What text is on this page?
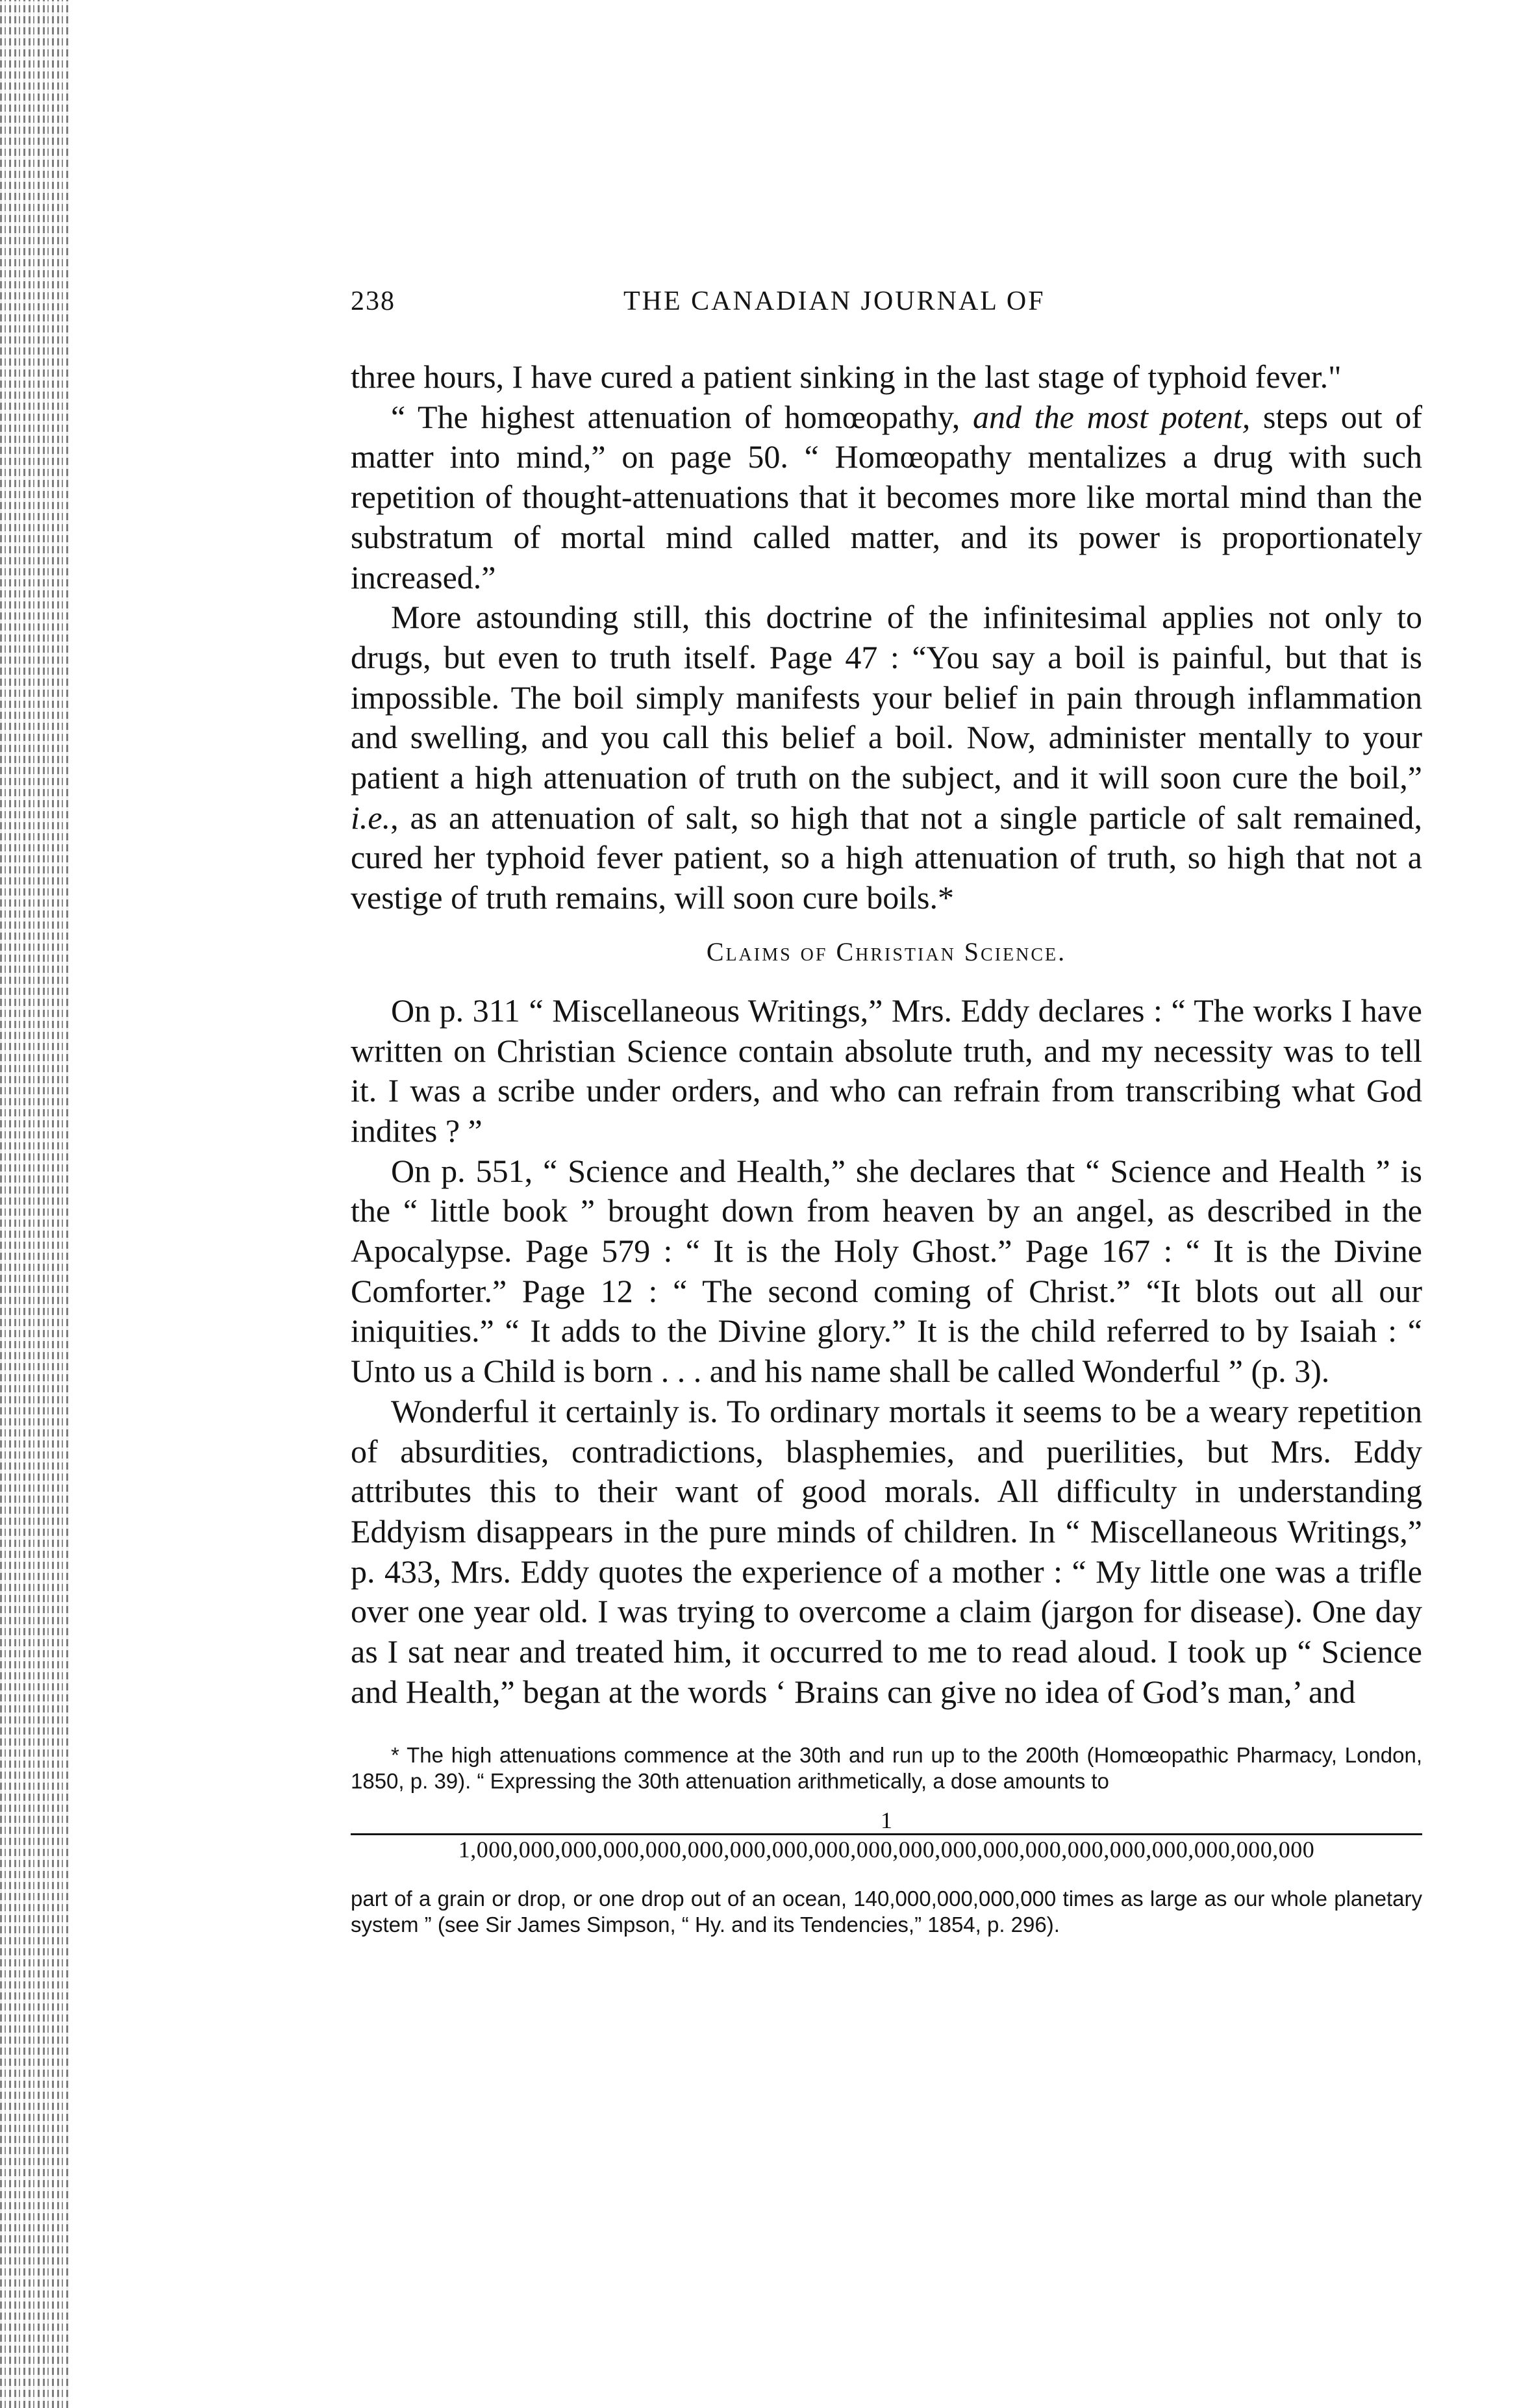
238	THE CANADIAN JOURNAL OF

three hours, I have cured a patient sinking in the last stage of typhoid fever."

“ The highest attenuation of homœopathy, and the most potent, steps out of matter into mind,” on page 50. “ Homœopathy mentalizes a drug with such repetition of thought-attenuations that it becomes more like mortal mind than the substratum of mortal mind called matter, and its power is proportionately increased.”

More astounding still, this doctrine of the infinitesimal applies not only to drugs, but even to truth itself. Page 47 : “You say a boil is painful, but that is impossible. The boil simply manifests your belief in pain through inflammation and swelling, and you call this belief a boil. Now, administer mentally to your patient a high attenuation of truth on the subject, and it will soon cure the boil,” i.e., as an attenuation of salt, so high that not a single particle of salt remained, cured her typhoid fever patient, so a high attenuation of truth, so high that not a vestige of truth remains, will soon cure boils.*

Claims of Christian Science.

On p. 311 “ Miscellaneous Writings,” Mrs. Eddy declares : “ The works I have written on Christian Science contain absolute truth, and my necessity was to tell it. I was a scribe under orders, and who can refrain from transcribing what God indites ? ”

On p. 551, “ Science and Health,” she declares that “ Science and Health ” is the “ little book ” brought down from heaven by an angel, as described in the Apocalypse. Page 579 : “ It is the Holy Ghost.” Page 167 : “ It is the Divine Comforter.” Page 12 : “ The second coming of Christ.” “It blots out all our iniquities.” “ It adds to the Divine glory.” It is the child referred to by Isaiah : “ Unto us a Child is born . . . and his name shall be called Wonderful ” (p. 3).

Wonderful it certainly is. To ordinary mortals it seems to be a weary repetition of absurdities, contradictions, blasphemies, and puerilities, but Mrs. Eddy attributes this to their want of good morals. All difficulty in understanding Eddyism disappears in the pure minds of children. In “ Miscellaneous Writings,” p. 433, Mrs. Eddy quotes the experience of a mother : “ My little one was a trifle over one year old. I was trying to overcome a claim (jargon for disease). One day as I sat near and treated him, it occurred to me to read aloud. I took up “ Science and Health,” began at the words ‘ Brains can give no idea of God’s man,’ and

* The high attenuations commence at the 30th and run up to the 200th (Homœopathic Pharmacy, London, 1850, p. 39). “ Expressing the 30th attenuation arithmetically, a dose amounts to

1
1,000,000,000,000,000,000,000,000,000,000,000,000,000,000,000,000,000,000,000,000

part of a grain or drop, or one drop out of an ocean, 140,000,000,000,000 times as large as our whole planetary system ” (see Sir James Simpson, “ Hy. and its Tendencies,” 1854, p. 296).
